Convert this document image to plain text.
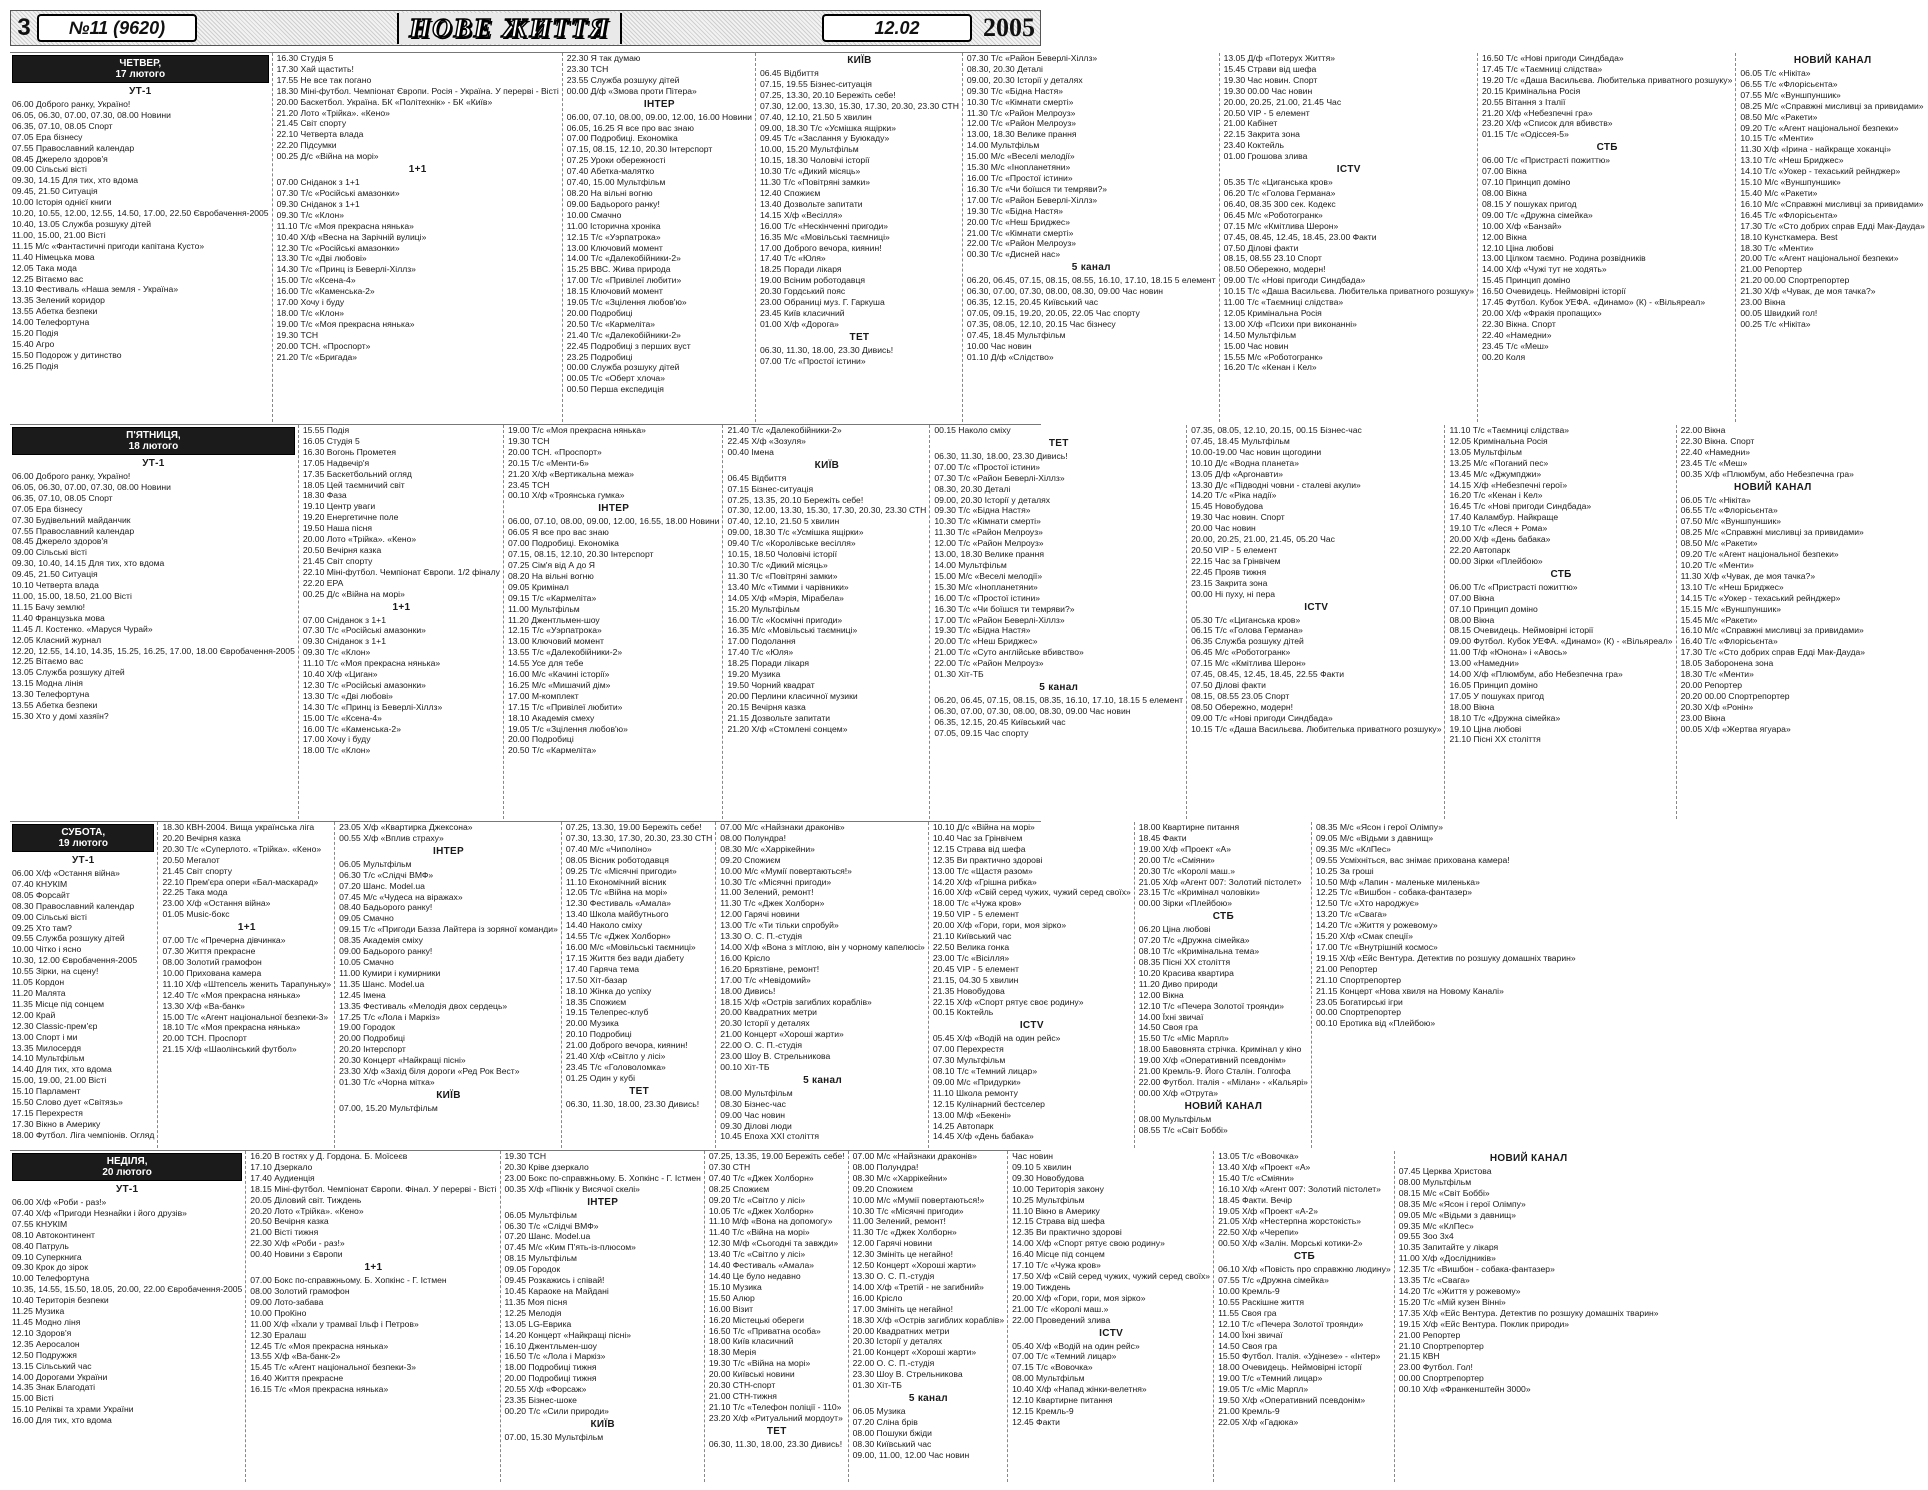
3	№11 (9620)	НОВЕ ЖИТТЯ	12.02	2005
ЧЕТВЕР,
17 лютого
УТ-1
06.00 Доброго ранку, Україно!
06.05, 06.30, 07.00, 07.30, 08.00 Новини
06.35, 07.10, 08.05 Спорт
07.05 Ера бізнесу
07.55 Православний календар
08.45 Джерело здоров'я
09.00 Сільські вісті
09.30, 14.15 Для тих, хто вдома
09.45, 21.50 Ситуація
10.00 Історія однієї книги
10.20, 10.55, 12.00, 12.55, 14.50, 17.00, 22.50 Євробачення-2005
10.40, 13.05 Служба розшуку дітей
11.00, 15.00, 21.00 Вісті
11.15 М/с «Фантастичні пригоди капітана Кусто»
11.40 Німецька мова
12.05 Така мода
12.25 Вітаємо вас
13.10 Фестиваль «Наша земля - Україна»
13.35 Зелений коридор
13.55 Абетка безпеки
14.00 Телефортуна
15.20 Подія
15.40 Агро
15.50 Подорож у дитинство
16.25 Подія
16.30 Студія 5
17.30 Хай щастить!
17.55 Не все так погано
18.30 Міні-футбол. Чемпіонат Європи. Росія - Україна. У перерві - Вісті
20.00 Баскетбол. Україна. БК «Політехнік» - БК «Київ»
21.20 Лото «Трійка». «Кено»
21.45 Світ спорту
22.10 Четверта влада
22.20 Підсумки
00.25 Д/с «Війна на морі»
1+1
07.00 Сніданок з 1+1
07.30 Т/с «Російські амазонки»
09.30 Сніданок з 1+1
09.30 Т/с «Клон»
11.10 Т/с «Моя прекрасна нянька»
10.40 Х/ф «Весна на Зарічній вулиці»
12.30 Т/с «Російські амазонки»
13.30 Т/с «Дві любові»
14.30 Т/с «Принц із Беверлі-Хіллз»
15.00 Т/с «Ксена-4»
16.00 Т/с «Каменська-2»
17.00 Хочу і буду
18.00 Т/с «Клон»
19.00 Т/с «Моя прекрасна нянька»
19.30 ТСН
20.00 ТСН. «Проспорт»
21.20 Т/с «Бригада»
22.30 Я так думаю
23.30 ТСН
23.55 Служба розшуку дітей
00.00 Д/ф «Змова проти Пітера»
ІНТЕР
06.00, 07.10, 08.00, 09.00, 12.00, 16.00 Новини
06.05, 16.25 Я все про вас знаю
07.00 Подробиці. Економіка
07.15, 08.15, 12.10, 20.30 Інтерспорт
07.25 Уроки обережності
07.40 Абетка-малятко
07.40, 15.00 Мультфільм
08.20 На вільні вогню
09.00 Бадьорого ранку!
10.00 Смачно
11.00 Історична хроніка
12.15 Т/с «Уэрпатрока»
13.00 Ключовий момент
14.00 Т/с «Далекобійники-2»
15.25 ВВС. Жива природа
17.00 Т/с «Привілеї любити»
18.15 Ключовий момент
19.05 Т/с «Зцілення любов'ю»
20.00 Подробиці
20.50 Т/с «Кармеліта»
21.40 Т/с «Далекобійники-2»
22.45 Подробиці з перших вуст
23.25 Подробиці
00.00 Служба розшуку дітей
00.05 Т/с «Оберт хлоча»
00.50 Перша експедиція
КИЇВ
06.45 Відбиття
07.15, 19.55 Бізнес-ситуація
07.25, 13.30, 20.10 Бережіть себе!
07.30, 12.00, 13.30, 15.30, 17.30, 20.30, 23.30 СТН
07.40, 12.10, 21.50 5 хвилин
09.00, 18.30 Т/с «Усмішка ящірки»
09.45 Т/с «Заслання у Буюкаду»
10.00, 15.20 Мультфільм
10.15, 18.30 Чоловічі історії
10.30 Т/с «Дикий місяць»
11.30 Т/с «Повітряні замки»
12.40 Спожиєм
13.40 Дозвольте запитати
14.15 Х/ф «Весілля»
16.00 Т/с «Нескінченні пригоди»
16.35 М/с «Мовільські таємниці»
17.00 Доброго вечора, киянин!
17.40 Т/с «Юля»
18.25 Поради лікаря
19.00 Всіним роботодавця
20.30 Гордський пояс
23.00 Обраниці муз. Г. Гаркуша
23.45 Київ класичний
01.00 Х/ф «Дорога»
ТЕТ
06.30, 11.30, 18.00, 23.30 Дивись!
07.00 Т/с «Простої істини»
07.30 Т/с «Район Беверлі-Хіллз»
08.30, 20.30 Деталі
09.00, 20.30 Історії у деталях
09.30 Т/с «Бідна Настя»
10.30 Т/с «Кімнати смерті»
11.30 Т/с «Район Мелроуз»
12.00 Т/с «Район Мелроуз»
13.00, 18.30 Велике прання
14.00 Мультфільм
15.00 М/с «Веселі мелодії»
15.30 М/с «Інопланетяни»
16.00 Т/с «Простої істини»
16.30 Т/с «Чи боїшся ти темряви?»
17.00 Т/с «Район Беверлі-Хіллз»
19.30 Т/с «Бідна Настя»
20.00 Т/с «Неш Бриджес»
21.00 Т/с «Кімнати смерті»
22.00 Т/с «Район Мелроуз»
00.30 Т/с «Дисней нас»
5 канал
06.20, 06.45, 07.15, 08.15, 08.55, 16.10, 17.10, 18.15 5 елемент
06.30, 07.00, 07.30, 08.00, 08.30, 09.00 Час новин
06.35, 12.15, 20.45 Київський час
07.05, 09.15, 19.20, 20.05, 22.05 Час спорту
07.35, 08.05, 12.10, 20.15 Час бізнесу
07.45, 18.45 Мультфільм
10.00 Час новин
01.10 Д/ф «Слідство»
13.05 Д/ф «Потерух Життя»
15.45 Страви від шефа
19.30 Час новин. Спорт
19.30 00.00 Час новин
20.00, 20.25, 21.00, 21.45 Час
20.50 VIP - 5 елемент
21.00 Кабінет
22.15 Закрита зона
23.40 Коктейль
01.00 Грошова злива
ICTV
05.35 Т/с «Циганська кров»
06.20 Т/с «Голова Германа»
06.40, 08.35 300 сек. Кодекс
06.45 М/с «Роботогранк»
07.15 М/с «Кмітлива Шерон»
07.45, 08.45, 12.45, 18.45, 23.00 Факти
07.50 Ділові факти
08.15, 08.55 23.10 Спорт
08.50 Обережно, модерн!
09.00 Т/с «Нові пригоди Синдбада»
10.15 Т/с «Даша Васильєва. Любителька приватного розшуку»
11.00 Т/с «Таємниці слідства»
12.05 Кримінальна Росія
13.00 Х/ф «Психи при виконанні»
14.50 Мультфільм
15.00 Час новин
15.55 М/с «Роботогранк»
16.20 Т/с «Кенан і Кел»
16.50 Т/с «Нові пригоди Синдбада»
17.45 Т/с «Таємниці слідства»
19.20 Т/с «Даша Васильєва. Любителька приватного розшуку»
20.15 Кримінальна Росія
20.55 Вітання з Італії
21.20 Х/ф «Небезпечні гра»
23.20 Х/ф «Список для вбивств»
01.15 Т/с «Одіссея-5»
СТБ
06.00 Т/с «Пристрасті пожиттю»
07.00 Вікна
07.10 Принцип доміно
08.00 Вікна
08.15 У пошуках пригод
09.00 Т/с «Дружна сімейка»
10.00 Х/ф «Банзай»
12.00 Вікна
12.10 Ціна любові
13.00 Цілком таємно. Родина розвідників
14.00 Х/ф «Чужі тут не ходять»
15.45 Принцип доміно
16.50 Очевидець. Неймовірні історії
17.45 Футбол. Кубок УЕФА. «Динамо» (К) - «Вільяреал»
20.00 Х/ф «Фракія пропащих»
22.30 Вікна. Спорт
22.40 «Намедни»
23.45 Т/с «Меш»
00.20 Коля
НОВИЙ КАНАЛ
06.05 Т/с «Нікіта»
06.55 Т/с «Флорісьєнта»
07.55 М/с «Вуншпуншик»
08.25 М/с «Справжні мисливці за привидами»
08.50 М/с «Ракети»
09.20 Т/с «Агент національної безпеки»
10.15 Т/с «Менти»
11.30 Х/ф «Ірина - найкраще хоканці»
13.10 Т/с «Неш Бриджес»
14.10 Т/с «Уокер - техаський рейнджер»
15.10 М/с «Вуншпуншик»
15.40 М/с «Ракети»
16.10 М/с «Справжні мисливці за привидами»
16.45 Т/с «Флорісьєнта»
17.30 Т/с «Сто добрих справ Едді Мак-Дауда»
18.10 Кунсткамера. Best
18.30 Т/с «Менти»
20.00 Т/с «Агент національної безпеки»
21.00 Репортер
21.20 00.00 Спортрепортер
21.30 Х/ф «Чувак, де моя тачка?»
23.00 Вікна
00.05 Швидкий гол!
00.25 Т/с «Нікіта»
П'ЯТНИЦЯ,
18 лютого
УТ-1
06.00 Доброго ранку, Україно!
06.05, 06.30, 07.00, 07.30, 08.00 Новини
06.35, 07.10, 08.05 Спорт
07.05 Ера бізнесу
07.30 Будівельний майданчик
07.55 Православний календар
08.45 Джерело здоров'я
09.00 Сільські вісті
09.30, 10.40, 14.15 Для тих, хто вдома
09.45, 21.50 Ситуація
10.10 Четверта влада
11.00, 15.00, 18.50, 21.00 Вісті
11.15 Бачу землю!
11.40 Французька мова
11.45 Л. Костенко. «Маруся Чурай»
12.05 Класний журнал
12.20, 12.55, 14.10, 14.35, 15.25, 16.25, 17.00, 18.00 Євробачення-2005
12.25 Вітаємо вас
13.05 Служба розшуку дітей
13.15 Модна лінія
13.30 Телефортуна
13.55 Абетка безпеки
15.30 Хто у домі хазяїн?
15.55 Подія
16.05 Студія 5
16.30 Вогонь Прометея
17.05 Надвечір'я
17.35 Баскетбольний огляд
18.05 Цей таємничий світ
18.30 Фаза
19.10 Центр уваги
19.20 Енергетичне поле
19.50 Наша пісня
20.00 Лото «Трійка». «Кено»
20.50 Вечірня казка
21.45 Світ спорту
22.10 Міні-футбол. Чемпіонат Європи. 1/2 фіналу
22.20 ЕРА
00.25 Д/с «Війна на морі»
1+1
07.00 Сніданок з 1+1
07.30 Т/с «Російські амазонки»
09.30 Сніданок з 1+1
09.30 Т/с «Клон»
11.10 Т/с «Моя прекрасна нянька»
10.40 Х/ф «Циган»
12.30 Т/с «Російські амазонки»
13.30 Т/с «Дві любові»
14.30 Т/с «Принц із Беверлі-Хіллз»
15.00 Т/с «Ксена-4»
16.00 Т/с «Каменська-2»
17.00 Хочу і буду
18.00 Т/с «Клон»
19.00 Т/с «Моя прекрасна нянька»
19.30 ТСН
20.00 ТСН. «Проспорт»
20.15 Т/с «Менти-6»
21.20 Х/ф «Вертикальна межа»
23.45 ТСН
00.10 Х/ф «Троянська гумка»
ІНТЕР
06.00, 07.10, 08.00, 09.00, 12.00, 16.55, 18.00 Новини
06.05 Я все про вас знаю
07.00 Подробиці. Економіка
07.15, 08.15, 12.10, 20.30 Інтерспорт
07.25 Сім'я від А до Я
08.20 На вільні вогню
09.05 Кримінал
09.15 Т/с «Кармеліта»
11.00 Мультфільм
11.20 Джентльмен-шоу
12.15 Т/с «Уэрпатрока»
13.00 Ключовий момент
13.55 Т/с «Далекобійники-2»
14.55 Усе для тебе
16.00 М/с «Качині історії»
16.25 М/с «Мишачий дім»
17.00 М-комплект
17.15 Т/с «Привілеї любити»
18.10 Академія смеху
19.05 Т/с «Зцілення любов'ю»
20.00 Подробиці
20.50 Т/с «Кармеліта»
21.40 Т/с «Далекобійники-2»
22.45 Х/ф «Зозуля»
00.40 Імена
КИЇВ
06.45 Відбиття
07.15 Бізнес-ситуація
07.25, 13.35, 20.10 Бережіть себе!
07.30, 12.00, 13.30, 15.30, 17.30, 20.30, 23.30 СТН
07.40, 12.10, 21.50 5 хвилин
09.00, 18.30 Т/с «Усмішка ящірки»
09.40 Т/с «Королівське весілля»
10.15, 18.50 Чоловічі історії
10.30 Т/с «Дикий місяць»
11.30 Т/с «Повітряні замки»
13.40 М/с «Тимми і чарівники»
14.05 Х/ф «Мэрія, Мірабела»
15.20 Мультфільм
16.00 Т/с «Космічні пригоди»
16.35 М/с «Мовільські таємниці»
17.00 Подолання
17.40 Т/с «Юля»
18.25 Поради лікаря
19.20 Музика
19.50 Чорний квадрат
20.00 Перлини класичної музики
20.15 Вечірня казка
21.15 Дозвольте запитати
21.20 Х/ф «Стомлені сонцем»
00.15 Наколо сміху
ТЕТ
06.30, 11.30, 18.00, 23.30 Дивись!
07.00 Т/с «Простої істини»
07.30 Т/с «Район Беверлі-Хіллз»
08.30, 20.30 Деталі
09.00, 20.30 Історії у деталях
09.30 Т/с «Бідна Настя»
10.30 Т/с «Кімнати смерті»
11.30 Т/с «Район Мелроуз»
12.00 Т/с «Район Мелроуз»
13.00, 18.30 Велике прання
14.00 Мультфільм
15.00 М/с «Веселі мелодії»
15.30 М/с «Інопланетяни»
16.00 Т/с «Простої істини»
16.30 Т/с «Чи боїшся ти темряви?»
17.00 Т/с «Район Беверлі-Хіллз»
19.30 Т/с «Бідна Настя»
20.00 Т/с «Неш Бриджес»
21.00 Т/с «Суто англійське вбивство»
22.00 Т/с «Район Мелроуз»
01.30 Хіт-ТБ
5 канал
06.20, 06.45, 07.15, 08.15, 08.35, 16.10, 17.10, 18.15 5 елемент
06.30, 07.00, 07.30, 08.00, 08.30, 09.00 Час новин
06.35, 12.15, 20.45 Київський час
07.05, 09.15 Час спорту
07.35, 08.05, 12.10, 20.15, 00.15 Бізнес-час
07.45, 18.45 Мультфільм
10.00-19.00 Час новин щогодини
10.10 Д/с «Водна планета»
13.05 Д/ф «Аргонавти»
13.30 Д/с «Підводні човни - сталеві акули»
14.20 Т/с «Ріка надії»
15.45 Новобудова
19.30 Час новин. Спорт
20.00 Час новин
20.00, 20.25, 21.00, 21.45, 05.20 Час
20.50 VIP - 5 елемент
22.15 Час за Грінвічем
22.45 Прояв тижня
23.15 Закрита зона
00.00 Ні пуху, ні пера
ICTV
05.30 Т/с «Циганська кров»
06.15 Т/с «Голова Германа»
06.35 Служба розшуку дітей
06.45 М/с «Роботогранк»
07.15 М/с «Кмітлива Шерон»
07.45, 08.45, 12.45, 18.45, 22.55 Факти
07.50 Ділові факти
08.15, 08.55 23.05 Спорт
08.50 Обережно, модерн!
09.00 Т/с «Нові пригоди Синдбада»
10.15 Т/с «Даша Васильєва. Любителька приватного розшуку»
11.10 Т/с «Таємниці слідства»
12.05 Кримінальна Росія
13.05 Мультфільм
13.25 М/с «Поганий пес»
13.45 М/с «Джумпджи»
14.15 Х/ф «Небезпечні герої»
16.20 Т/с «Кенан і Кел»
16.45 Т/с «Нові пригоди Синдбада»
17.40 Каламбур. Найкраще
19.10 Т/с «Леся + Рома»
20.00 Х/ф «День бабака»
22.20 Автопарк
00.00 Зірки «Плейбою»
СТБ
06.00 Т/с «Пристрасті пожиттю»
07.00 Вікна
07.10 Принцип доміно
08.00 Вікна
08.15 Очевидець. Неймовірні історії
09.00 Футбол. Кубок УЕФА. «Динамо» (К) - «Вільяреал»
11.00 Т/ф «Юнона» і «Авось»
13.00 «Намедни»
14.00 Х/ф «Плюмбум, або Небезпечна гра»
16.05 Принцип доміно
17.05 У пошуках пригод
18.00 Вікна
18.10 Т/с «Дружна сімейка»
19.10 Ціна любові
21.10 Пісні XX століття
22.00 Вікна
22.30 Вікна. Спорт
22.40 «Намедни»
23.45 Т/с «Меш»
00.35 Х/ф «Плюмбум, або Небезпечна гра»
НОВИЙ КАНАЛ
06.05 Т/с «Нікіта»
06.55 Т/с «Флорісьєнта»
07.50 М/с «Вуншпуншик»
08.25 М/с «Справжні мисливці за привидами»
08.50 М/с «Ракети»
09.20 Т/с «Агент національної безпеки»
10.20 Т/с «Менти»
11.30 Х/ф «Чувак, де моя тачка?»
13.10 Т/с «Неш Бриджес»
14.15 Т/с «Уокер - техаський рейнджер»
15.15 М/с «Вуншпуншик»
15.45 М/с «Ракети»
16.10 М/с «Справжні мисливці за привидами»
16.40 Т/с «Флорісьєнта»
17.30 Т/с «Сто добрих справ Едді Мак-Дауда»
18.05 Заборонена зона
18.30 Т/с «Менти»
20.00 Репортер
20.20 00.00 Спортрепортер
20.30 Х/ф «Ронін»
23.00 Вікна
00.05 Х/ф «Жертва ягуара»
СУБОТА,
19 лютого
УТ-1
06.00 Х/ф «Остання війна»
07.40 КНУКІМ
08.05 Форсайт
08.30 Православний календар
09.00 Сільські вісті
09.25 Хто там?
09.55 Служба розшуку дітей
10.00 Чітко і ясно
10.30, 12.00 Євробачення-2005
10.55 Зірки, на сцену!
11.05 Кордон
11.20 Малята
11.35 Місце під сонцем
12.00 Край
12.30 Classic-прем'єр
13.00 Спорт і ми
13.35 Милосердя
14.10 Мультфільм
14.40 Для тих, хто вдома
15.00, 19.00, 21.00 Вісті
15.10 Парламент
15.50 Слово дует «Світязь»
17.15 Перехрестя
17.30 Вікно в Америку
18.00 Футбол. Ліга чемпіонів. Огляд
18.30 КВН-2004. Вища українська ліга
20.20 Вечірня казка
20.30 Т/с «Суперлото. «Трійка». «Кено»
20.50 Мегалот
21.45 Світ спорту
22.10 Прем'єра опери «Бал-маскарад»
22.25 Така мода
23.00 Х/ф «Остання війна»
01.05 Music-бокс
1+1
07.00 Т/с «Пречерна дівчинка»
07.30 Життя прекрасне
08.00 Золотий грамофон
10.00 Прихована камера
11.10 Х/ф «Штепсель женить Тарапуньку»
12.40 Т/с «Моя прекрасна нянька»
13.30 Х/ф «Ва-банк»
15.00 Т/с «Агент національної безпеки-3»
18.10 Т/с «Моя прекрасна нянька»
20.00 ТСН. Проспорт
21.15 Х/ф «Шаолінський футбол»
23.05 Х/ф «Квартирка Джексона»
00.55 Х/ф «Вплив страху»
ІНТЕР
06.05 Мультфільм
06.30 Т/с «Слідчі ВМФ»
07.20 Шанс. Model.ua
07.45 М/с «Чудеса на віражах»
08.40 Бадьорого ранку!
09.05 Смачно
09.15 Т/с «Пригоди Базза Лайтера із зоряної команди»
08.35 Академія сміху
09.00 Бадьорого ранку!
10.05 Смачно
11.00 Кумири і кумирники
11.35 Шанс. Model.ua
12.45 Імена
13.35 Фестиваль «Мелодія двох сердець»
17.25 Т/с «Лола і Маркіз»
19.00 Городок
20.00 Подробиці
20.20 Інтерспорт
20.30 Концерт «Найкращі пісні»
23.30 Х/ф «Захід біля дороги «Ред Рок Вест»
01.30 Т/с «Чорна мітка»
КИЇВ
07.00, 15.20 Мультфільм
07.25, 13.30, 19.00 Бережіть себе!
07.30, 13.30, 17.30, 20.30, 23.30 СТН
07.40 М/с «Чиполіно»
08.05 Вісник роботодавця
09.25 Т/с «Місячні пригоди»
11.10 Економічний вісник
12.05 Т/с «Війна на морі»
12.30 Фестиваль «Амала»
13.40 Школа майбутнього
14.40 Наколо сміху
14.55 Т/с «Джек Холборн»
16.00 М/с «Мовільські таємниці»
17.15 Життя без вади діабету
17.40 Гаряча тема
17.50 Хіт-базар
18.10 Жінка до успіху
18.35 Спожиєм
19.15 Телепрес-клуб
20.00 Музика
20.10 Подробиці
21.00 Доброго вечора, киянин!
21.40 Х/ф «Світло у лісі»
23.45 Т/с «Головоломка»
01.25 Один у кубі
ТЕТ
06.30, 11.30, 18.00, 23.30 Дивись!
07.00 М/с «Найзнаки драконів»
08.00 Полундра!
08.30 М/с «Харрікейни»
09.20 Спожиєм
10.00 М/с «Мумії повертаються!»
10.30 Т/с «Місячні пригоди»
11.00 Зелений, ремонт!
11.30 Т/с «Джек Холборн»
12.00 Гарячі новини
13.00 Т/с «Ти тільки спробуй»
13.30 О. С. П.-студія
14.00 Х/ф «Вона з мітлою, він у чорному капелюсі»
16.00 Крісло
16.20 Брязтівне, ремонт!
17.00 Т/с «Невідомий»
18.00 Дивись!
18.15 Х/ф «Острів загиблих кораблів»
20.00 Квадратних метри
20.30 Історії у деталях
21.00 Концерт «Хороші жарти»
22.00 О. С. П.-студія
23.00 Шоу В. Стрельникова
00.10 Хіт-ТБ
5 канал
08.00 Мультфільм
08.30 Бізнес-час
09.00 Час новин
09.30 Ділові люди
10.45 Епоха XXI століття
10.10 Д/с «Війна на морі»
10.40 Час за Грінвічем
12.15 Страва від шефа
12.35 Ви практично здорові
13.00 Т/с «Щастя разом»
14.20 Х/ф «Грішна рибка»
16.00 Х/ф «Свій серед чужих, чужий серед своїх»
18.00 Т/с «Чужа кров»
19.50 VIP - 5 елемент
20.00 Х/ф «Гори, гори, моя зірко»
21.10 Київський час
22.50 Велика гонка
23.00 Т/с «Вісілля»
20.45 VIP - 5 елемент
21.15, 04.30 5 хвилин
21.35 Новобудова
22.15 Х/ф «Спорт рятує своє родину»
00.15 Коктейль
ICTV
05.45 Х/ф «Водій на один рейс»
07.00 Перехрестя
07.30 Мультфільм
08.10 Т/с «Темний лицар»
09.00 М/с «Придурки»
11.10 Школа ремонту
12.15 Кулінарний бестселер
13.00 М/ф «Бекені»
14.25 Автопарк
14.45 Х/ф «День бабака»
18.00 Квартирне питання
18.45 Факти
19.00 Х/ф «Проект «А»
20.00 Т/с «Сміяни»
20.30 Т/с «Королі маш.»
21.05 Х/ф «Агент 007: Золотий пістолет»
23.15 Т/с «Кримінал чоловіки»
00.00 Зірки «Плейбою»
СТБ
06.20 Ціна любові
07.20 Т/с «Дружна сімейка»
08.10 Т/с «Кримінальна тема»
08.35 Пісні XX століття
10.20 Красива квартира
11.20 Диво природи
12.00 Вікна
12.10 Т/с «Печера Золотої троянди»
14.00 Їхні звичаї
14.50 Своя гра
15.50 Т/с «Міс Марпл»
18.00 Бавовнята стрічка. Кримінал у кіно
19.00 Х/ф «Оперативний псевдонім»
21.00 Кремль-9. Його Сталін. Голгофа
22.00 Футбол. Італія - «Мілан» - «Кальярі»
00.00 Х/ф «Отрута»
НОВИЙ КАНАЛ
08.00 Мультфільм
08.55 Т/с «Світ Боббі»
08.35 М/с «Ясон і герої Олімпу»
09.05 М/с «Відьми з давнищ»
09.35 М/с «КлПес»
09.55 Усміхніться, вас знімає прихована камера!
10.25 За гроші
10.50 М/ф «Лапин - маленьке миленька»
12.25 Т/с «Вишбон - собака-фантазер»
12.50 Т/с «Хто народжує»
13.20 Т/с «Свага»
14.20 Т/с «Життя у рожевому»
15.20 Х/ф «Смак спеції»
17.00 Т/с «Внутрішній космос»
19.15 Х/ф «Ейс Вентура. Детектив по розшуку домашніх тварин»
21.00 Репортер
21.10 Спортрепортер
21.15 Концерт «Нова хвиля на Новому Каналі»
23.05 Богатирські ігри
00.00 Спортрепортер
00.10 Еротика від «Плейбою»
НЕДІЛЯ,
20 лютого
УТ-1
06.00 Х/ф «Роби - раз!»
07.40 Х/ф «Пригоди Незнайки і його друзів»
07.55 КНУКІМ
08.10 Автоконтинент
08.40 Патруль
09.10 Суперкнига
09.30 Крок до зірок
10.00 Телефортуна
10.35, 14.55, 15.50, 18.05, 20.00, 22.00 Євробачення-2005
10.40 Територія безпеки
11.25 Музика
11.45 Модно ліня
12.10 Здоров'я
12.35 Аеросалон
12.50 Подружжя
13.15 Сільський час
14.00 Дорогами України
14.35 Знак Благодаті
15.00 Вісті
15.10 Релікві та храми України
16.00 Для тих, хто вдома
16.20 В гостях у Д. Гордона. Б. Моїсеєв
17.10 Дзеркало
17.40 Аудиенція
18.15 Міні-футбол. Чемпіонат Європи. Фінал. У перерві - Вісті
20.05 Діловий світ. Тиждень
20.20 Лото «Трійка». «Кено»
20.50 Вечірня казка
21.00 Вісті тижня
22.30 Х/ф «Роби - раз!»
00.40 Новини з Європи
1+1
07.00 Бокс по-справжньому. Б. Хопкінс - Г. Істмен
08.00 Золотий грамофон
09.00 Лото-забава
10.00 ПроКіно
11.00 Х/ф «Їхали у трамваї Ільф і Петров»
12.30 Ералаш
12.45 Т/с «Моя прекрасна нянька»
13.55 Х/ф «Ва-банк-2»
15.45 Т/с «Агент національної безпеки-3»
16.40 Життя прекрасне
16.15 Т/с «Моя прекрасна нянька»
19.30 ТСН
20.30 Кріве дзеркало
23.00 Бокс по-справжньому. Б. Хопкінс - Г. Істмен
00.35 Х/ф «Пікнік у Висячої скелі»
ІНТЕР
06.05 Мультфільм
06.30 Т/с «Слідчі ВМФ»
07.20 Шанс. Model.ua
07.45 М/с «Ким П'ять-із-плюсом»
08.15 Мультфільм
09.05 Городок
09.45 Розкажись і співай!
10.45 Караоке на Майдані
11.35 Моя пісня
12.25 Мелодія
13.05 LG-Еврика
14.20 Концерт «Найкращі пісні»
16.10 Джентльмен-шоу
16.50 Т/с «Лола і Маркіз»
18.00 Подробиці тижня
20.00 Подробиці тижня
20.55 Х/ф «Форсаж»
23.35 Бізнес-шоке
00.20 Т/с «Сили природи»
КИЇВ
07.00, 15.30 Мультфільм
07.25, 13.35, 19.00 Бережіть себе!
07.30 СТН
07.40 Т/с «Джек Холборн»
08.25 Спожиєм
09.20 Т/с «Світло у лісі»
10.05 Т/с «Джек Холборн»
11.10 М/ф «Вона на допомогу»
11.40 Т/с «Війна на морі»
12.30 М/ф «Сьогодні та завжди»
13.40 Т/с «Світло у лісі»
14.40 Фестиваль «Амала»
14.40 Це було недавно
15.10 Музика
15.50 Алюр
16.00 Візит
16.20 Містецькі обереги
16.50 Т/с «Приватна особа»
18.00 Київ класичний
18.30 Мерія
19.30 Т/с «Війна на морі»
20.00 Київські новини
20.30 СТН-спорт
21.00 СТН-тижня
21.10 Т/с «Телефон поліції - 110»
23.20 Х/ф «Ритуальний мордоут»
ТЕТ
06.30, 11.30, 18.00, 23.30 Дивись!
07.00 М/с «Найзнаки драконів»
08.00 Полундра!
08.30 М/с «Харрікейни»
09.20 Спожиєм
10.00 М/с «Мумії повертаються!»
10.30 Т/с «Місячні пригоди»
11.00 Зелений, ремонт!
11.30 Т/с «Джек Холборн»
12.00 Гарячі новини
12.30 Змініть це негайно!
12.50 Концерт «Хороші жарти»
13.30 О. С. П.-студія
14.00 Х/ф «Третій - не загибний»
16.00 Крісло
17.00 Змініть це негайно!
18.30 Х/ф «Острів загиблих кораблів»
20.00 Квадратних метри
20.30 Історії у деталях
21.00 Концерт «Хороші жарти»
22.00 О. С. П.-студія
23.30 Шоу В. Стрельникова
01.30 Хіт-ТБ
5 канал
06.05 Музика
07.20 Сліна брів
08.00 Пошуки бжіди
08.30 Київський час
09.00, 11.00, 12.00 Час новин
Час новин
09.10 5 хвилин
09.30 Новобудова
10.00 Територія закону
10.25 Мультфільм
11.10 Вікно в Америку
12.15 Страва від шефа
12.35 Ви практично здорові
14.00 Х/ф «Спорт рятує свою родину»
16.40 Місце під сонцем
17.10 Т/с «Чужа кров»
17.50 Х/ф «Свій серед чужих, чужий серед своїх»
19.00 Тиждень
20.00 Х/ф «Гори, гори, моя зірко»
21.00 Т/с «Королі маш.»
22.00 Проведений злива
ICTV
05.40 Х/ф «Водій на один рейс»
07.00 Т/с «Темний лицар»
07.15 Т/с «Вовочка»
08.00 Мультфільм
10.40 Х/ф «Напад жінки-велетня»
12.10 Квартирне питання
12.15 Кремль-9
12.45 Факти
13.05 Т/с «Вовочка»
13.40 Х/ф «Проект «А»
15.40 Т/с «Сміяни»
16.10 Х/ф «Агент 007: Золотий пістолет»
18.45 Факти. Вечір
19.05 Х/ф «Проект «А-2»
21.05 Х/ф «Нестерпна жорстокість»
22.50 Х/ф «Черепи»
00.50 Х/ф «Залін. Морські котики-2»
СТБ
06.10 Х/ф «Повість про справжню людину»
07.55 Т/с «Дружна сімейка»
10.00 Кремль-9
10.55 Раскішне життя
11.55 Своя гра
12.10 Т/с «Печера Золотої троянди»
14.00 Їхні звичаї
14.50 Своя гра
15.50 Футбол. Італія. «Удінезе» - «Інтер»
18.00 Очевидець. Неймовірні історії
19.00 Т/с «Темний лицар»
19.05 Т/с «Міс Марпл»
19.50 Х/ф «Оперативний псевдонім»
21.00 Кремль-9
22.05 Х/ф «Гадюка»
НОВИЙ КАНАЛ
07.45 Церква Христова
08.00 Мультфільм
08.15 М/с «Світ Боббі»
08.35 М/с «Ясон і герої Олімпу»
09.05 М/с «Відьми з давнищ»
09.35 М/с «КлПес»
09.55 Зоо 3x4
10.35 Запитайте у лікаря
11.00 Х/ф «Дослідників»
12.35 Т/с «Вишбон - собака-фантазер»
13.35 Т/с «Свага»
14.20 Т/с «Життя у рожевому»
15.20 Т/с «Мій кузен Вінні»
17.35 Х/ф «Ейс Вентура. Детектив по розшуку домашніх тварин»
19.15 Х/ф «Ейс Вентура. Поклик природи»
21.00 Репортер
21.10 Спортрепортер
21.15 КВН
23.00 Футбол. Гол!
00.00 Спортрепортер
00.10 Х/ф «Франкенштейн 3000»
